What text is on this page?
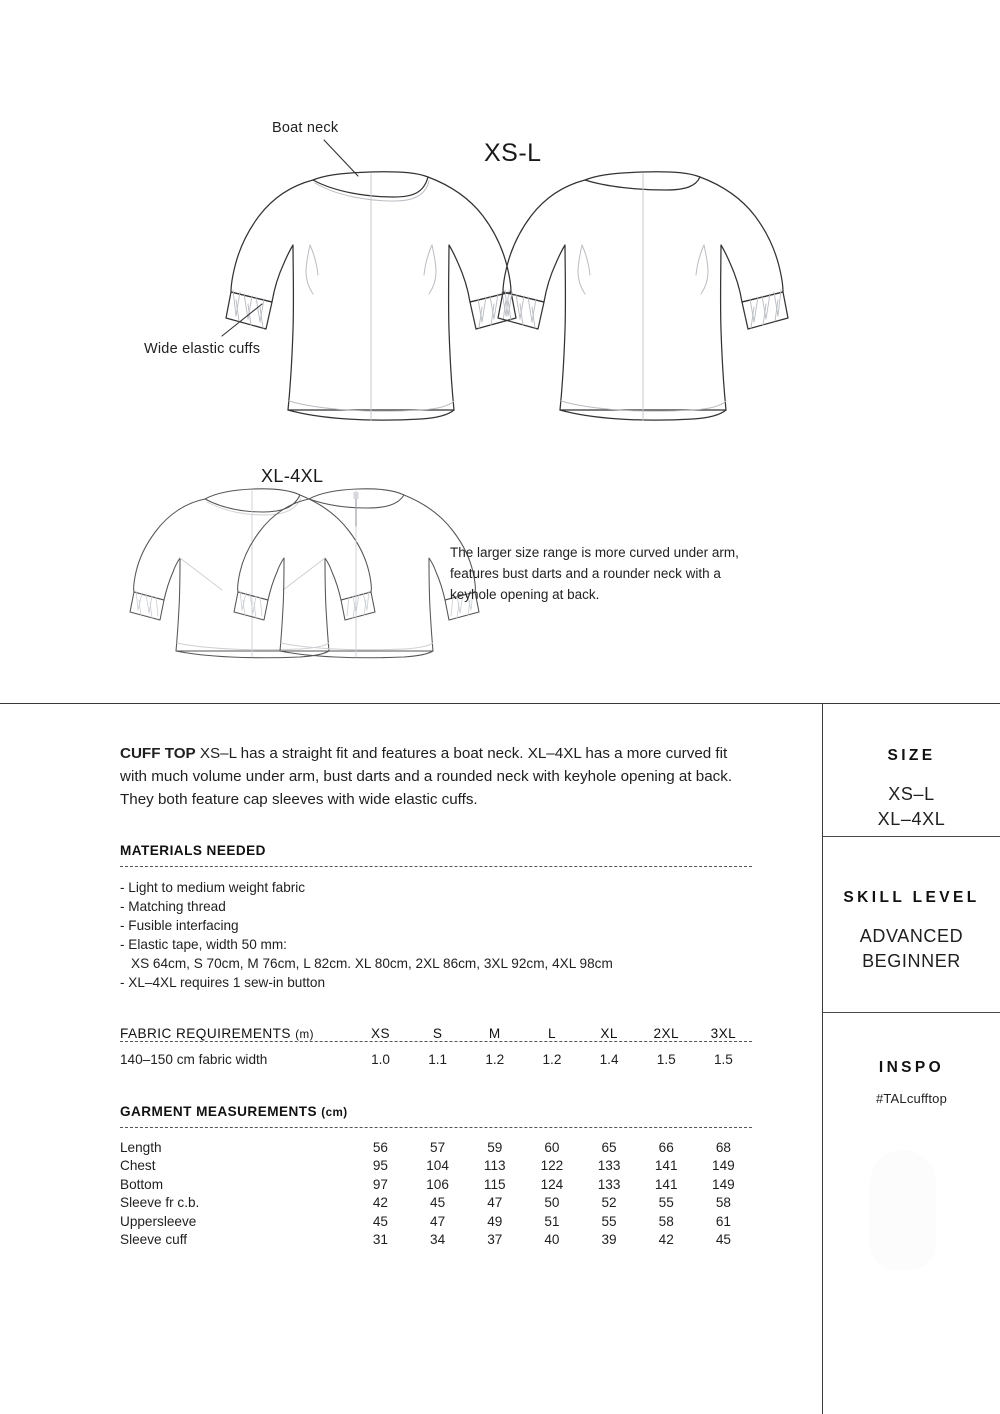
Boat neck
Wide elastic cuffs
XS-L
XL-4XL
The larger size range is more curved under arm, features bust darts and a rounder neck with a keyhole opening at back.

CUFF TOP XS–L has a straight fit and features a boat neck. XL–4XL has a more curved fit with much volume under arm, bust darts and a rounded neck with keyhole opening at back. They both feature cap sleeves with wide elastic cuffs.

MATERIALS NEEDED
- Light to medium weight fabric
- Matching thread
- Fusible interfacing
- Elastic tape, width 50 mm:
XS 64cm, S 70cm, M 76cm, L 82cm. XL 80cm, 2XL 86cm, 3XL 92cm, 4XL 98cm
- XL–4XL requires 1 sew-in button
FABRIC REQUIREMENTS (m)	XS	S	M	L	XL	2XL	3XL

140–150 cm fabric width	1.0	1.1	1.2	1.2	1.4	1.5	1.5
GARMENT MEASUREMENTS (cm)
Length	56	57	59	60	65	66	68
Chest	95	104	113	122	133	141	149
Bottom	97	106	115	124	133	141	149
Sleeve fr c.b.	42	45	47	50	52	55	58
Uppersleeve	45	47	49	51	55	58	61
Sleeve cuff	31	34	37	40	39	42	45
SIZE
XS–L
XL–4XL
SKILL LEVEL
ADVANCED
BEGINNER
INSPO
#TALcufftop
